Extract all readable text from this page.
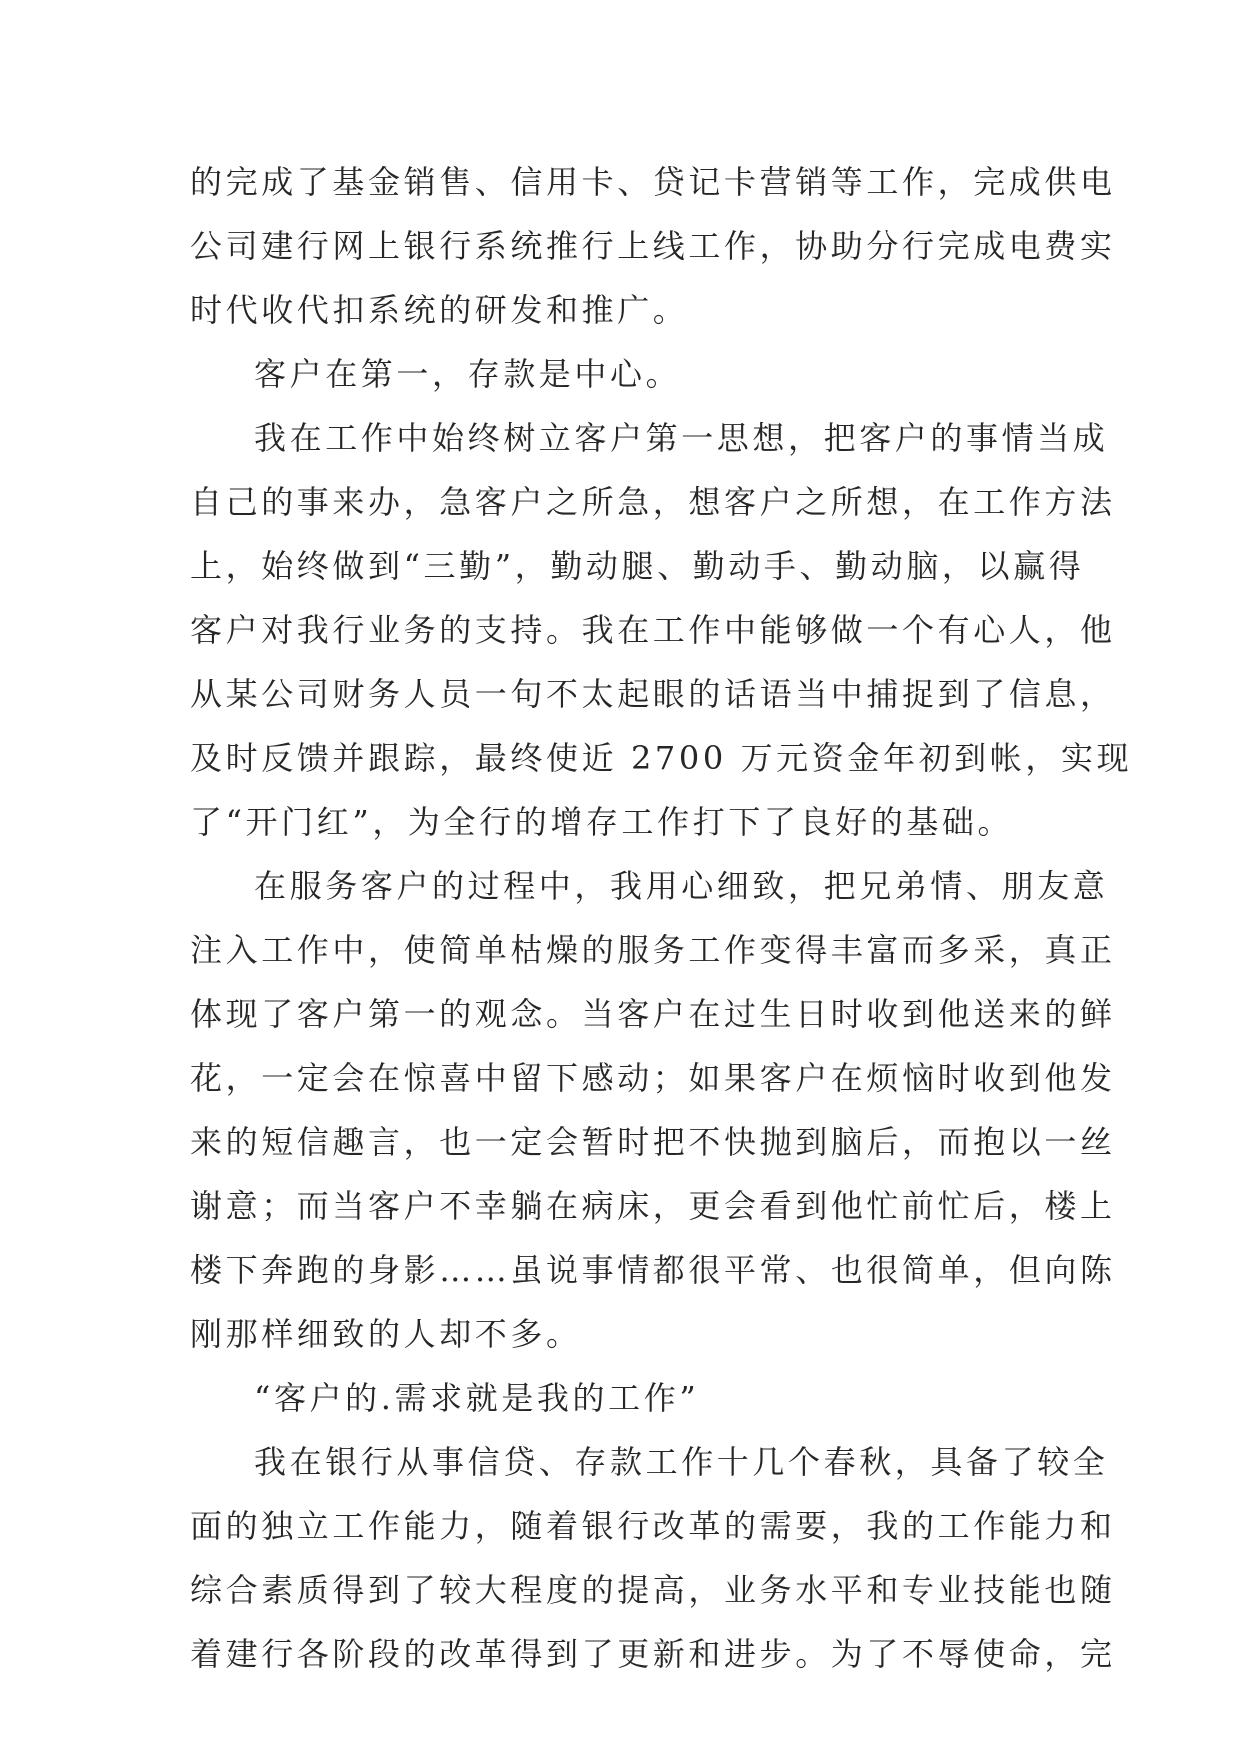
的完成了基金销售、信用卡、贷记卡营销等工作，完成供电
公司建行网上银行系统推行上线工作，协助分行完成电费实
时代收代扣系统的研发和推广。
客户在第一，存款是中心。
我在工作中始终树立客户第一思想，把客户的事情当成
自己的事来办，急客户之所急，想客户之所想，在工作方法
上，始终做到“三勤”，勤动腿、勤动手、勤动脑，以赢得
客户对我行业务的支持。我在工作中能够做一个有心人，他
从某公司财务人员一句不太起眼的话语当中捕捉到了信息，
及时反馈并跟踪，最终使近 2700 万元资金年初到帐，实现
了“开门红”，为全行的增存工作打下了良好的基础。
在服务客户的过程中，我用心细致，把兄弟情、朋友意
注入工作中，使简单枯燥的服务工作变得丰富而多采，真正
体现了客户第一的观念。当客户在过生日时收到他送来的鲜
花，一定会在惊喜中留下感动；如果客户在烦恼时收到他发
来的短信趣言，也一定会暂时把不快抛到脑后，而抱以一丝
谢意；而当客户不幸躺在病床，更会看到他忙前忙后，楼上
楼下奔跑的身影……虽说事情都很平常、也很简单，但向陈
刚那样细致的人却不多。
“客户的.需求就是我的工作”
我在银行从事信贷、存款工作十几个春秋，具备了较全
面的独立工作能力，随着银行改革的需要，我的工作能力和
综合素质得到了较大程度的提高，业务水平和专业技能也随
着建行各阶段的改革得到了更新和进步。为了不辱使命，完
